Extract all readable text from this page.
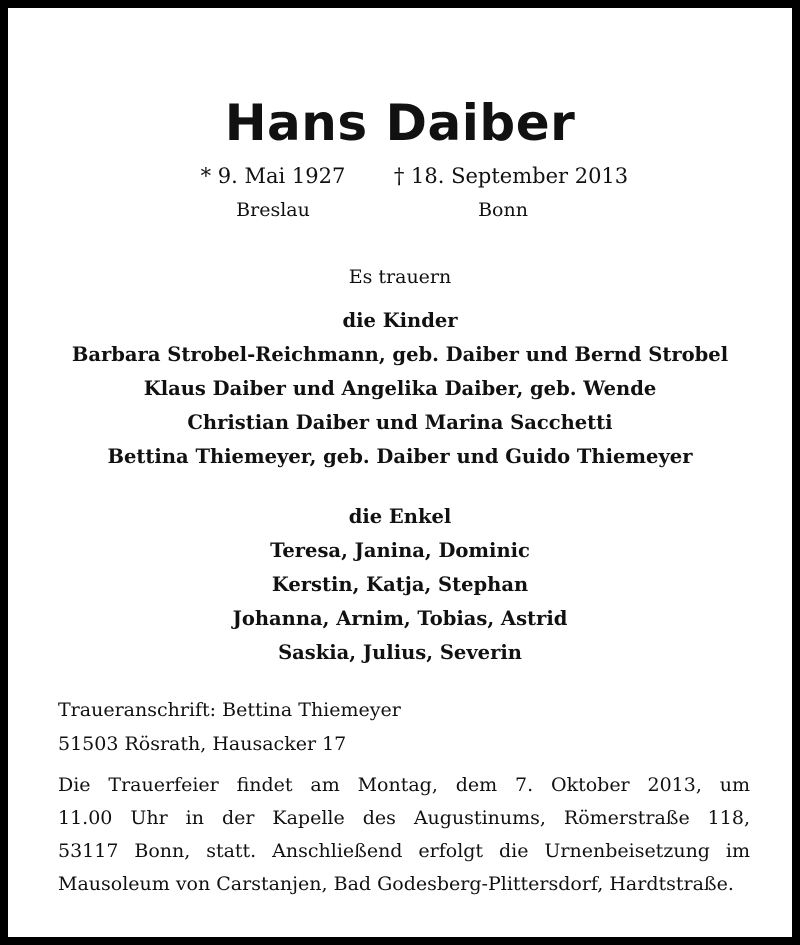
Hans Daiber
* 9. Mai 1927	† 18. September 2013
Breslau	Bonn
Es trauern
die Kinder
Barbara Strobel-Reichmann, geb. Daiber und Bernd Strobel
Klaus Daiber und Angelika Daiber, geb. Wende
Christian Daiber und Marina Sacchetti
Bettina Thiemeyer, geb. Daiber und Guido Thiemeyer
die Enkel
Teresa, Janina, Dominic
Kerstin, Katja, Stephan
Johanna, Arnim, Tobias, Astrid
Saskia, Julius, Severin
Traueranschrift: Bettina Thiemeyer
51503 Rösrath, Hausacker 17
Die Trauerfeier findet am Montag, dem 7. Oktober 2013, um
11.00 Uhr in der Kapelle des Augustinums, Römerstraße 118,
53117 Bonn, statt. Anschließend erfolgt die Urnenbeisetzung im
Mausoleum von Carstanjen, Bad Godesberg-Plittersdorf, Hardtstraße.
